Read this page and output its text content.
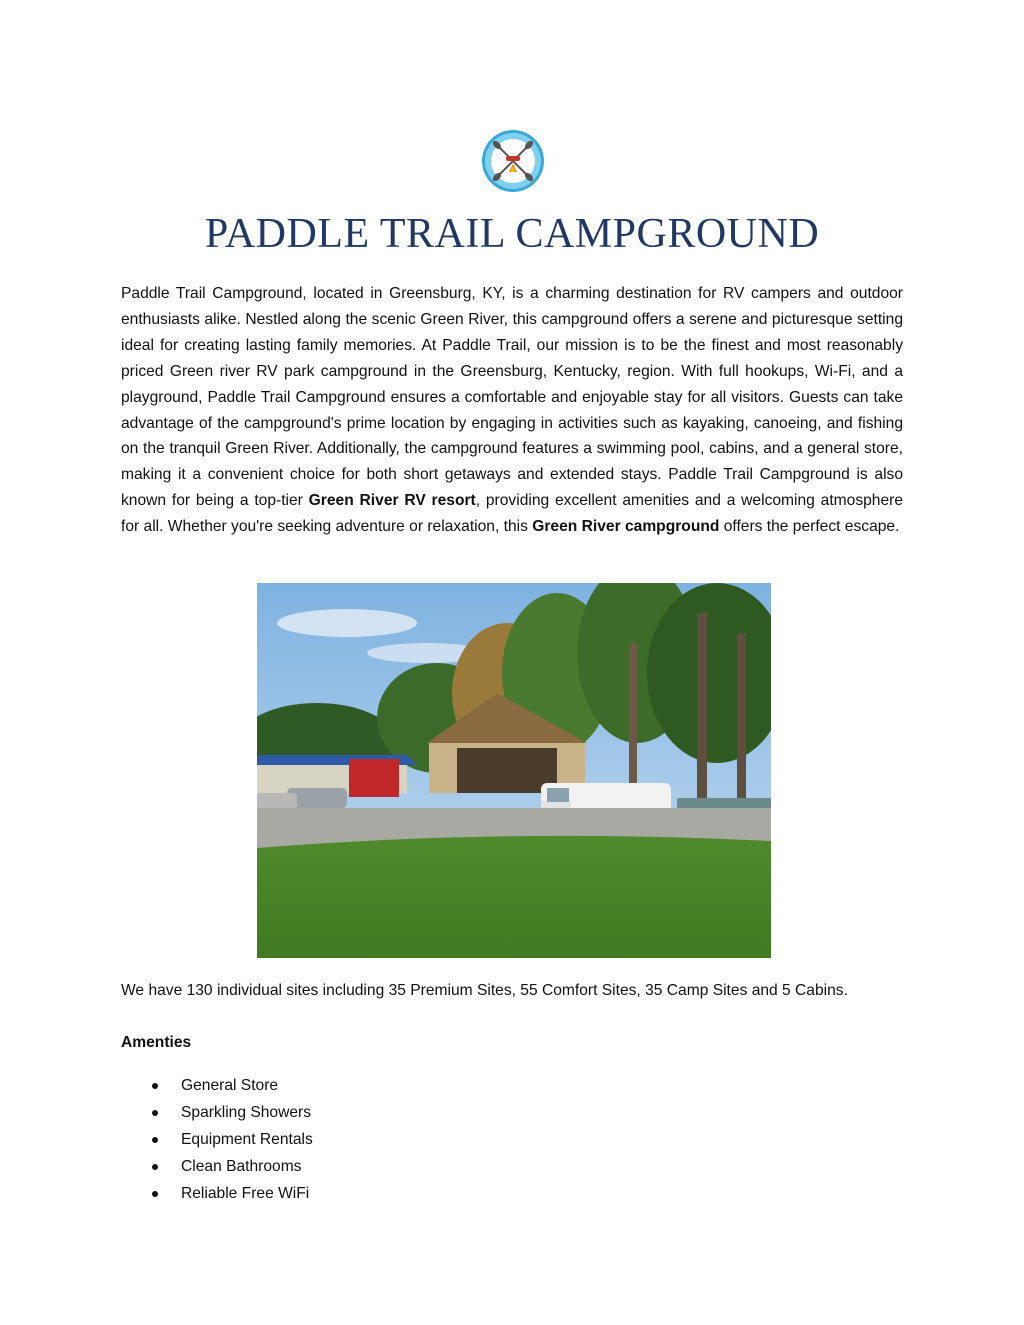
PADDLE TRAIL CAMPGROUND

Paddle Trail Campground, located in Greensburg, KY, is a charming destination for RV campers and outdoor enthusiasts alike. Nestled along the scenic Green River, this campground offers a serene and picturesque setting ideal for creating lasting family memories. At Paddle Trail, our mission is to be the finest and most reasonably priced Green river RV park campground in the Greensburg, Kentucky, region. With full hookups, Wi-Fi, and a playground, Paddle Trail Campground ensures a comfortable and enjoyable stay for all visitors. Guests can take advantage of the campground's prime location by engaging in activities such as kayaking, canoeing, and fishing on the tranquil Green River. Additionally, the campground features a swimming pool, cabins, and a general store, making it a convenient choice for both short getaways and extended stays. Paddle Trail Campground is also known for being a top-tier Green River RV resort, providing excellent amenities and a welcoming atmosphere for all. Whether you're seeking adventure or relaxation, this Green River campground offers the perfect escape.

We have 130 individual sites including 35 Premium Sites, 55 Comfort Sites, 35 Camp Sites and 5 Cabins.

Amenties

General Store
Sparkling Showers
Equipment Rentals
Clean Bathrooms
Reliable Free WiFi
